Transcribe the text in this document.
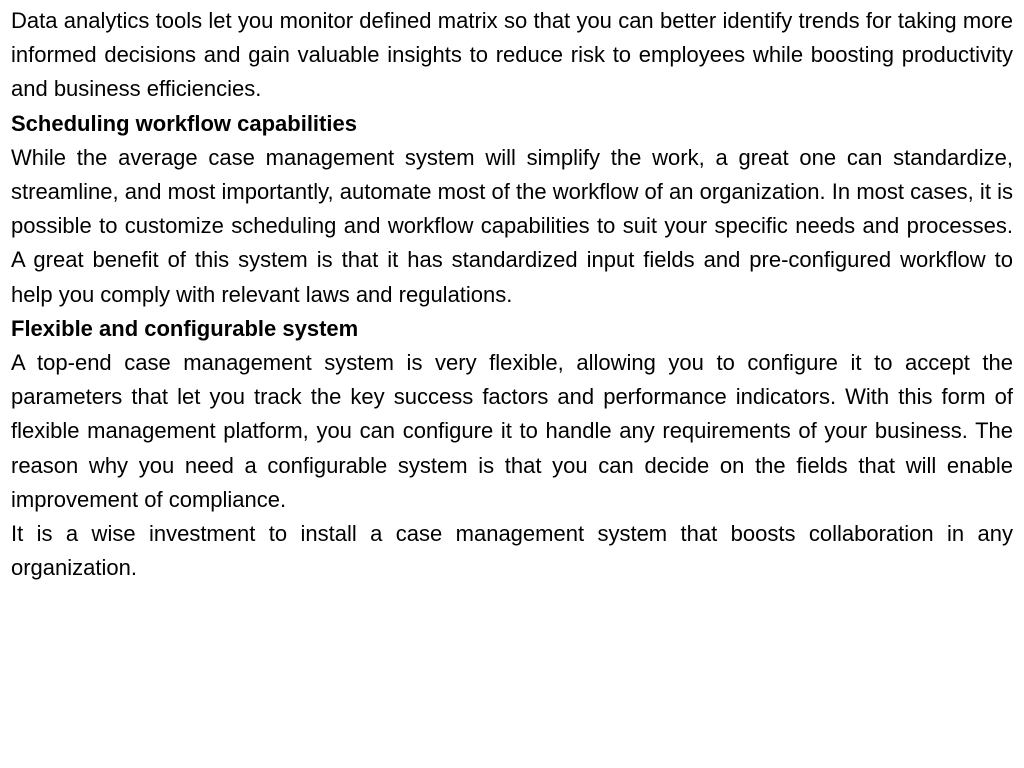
Data analytics tools let you monitor defined matrix so that you can better identify trends for taking more informed decisions and gain valuable insights to reduce risk to employees while boosting productivity and business efficiencies.

Scheduling workflow capabilities

While the average case management system will simplify the work, a great one can standardize, streamline, and most importantly, automate most of the workflow of an organization. In most cases, it is possible to customize scheduling and workflow capabilities to suit your specific needs and processes. A great benefit of this system is that it has standardized input fields and pre-configured workflow to help you comply with relevant laws and regulations.

Flexible and configurable system

A top-end case management system is very flexible, allowing you to configure it to accept the parameters that let you track the key success factors and performance indicators. With this form of flexible management platform, you can configure it to handle any requirements of your business. The reason why you need a configurable system is that you can decide on the fields that will enable improvement of compliance.

It is a wise investment to install a case management system that boosts collaboration in any organization.
